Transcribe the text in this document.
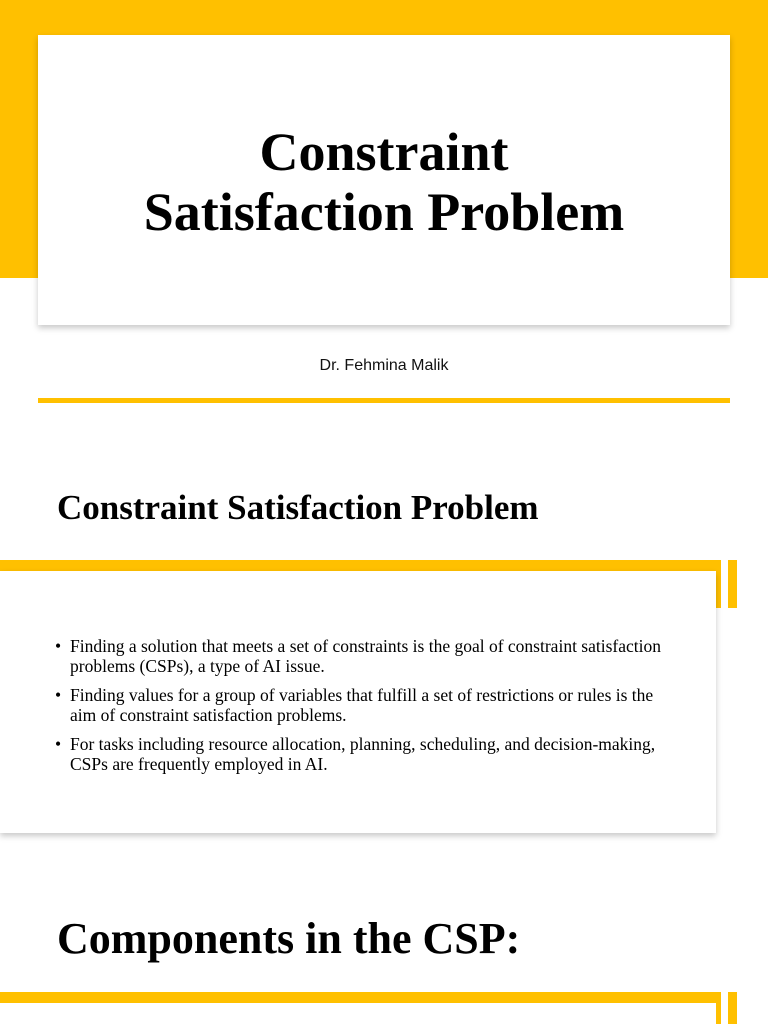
Constraint
Satisfaction Problem
Dr. Fehmina Malik
Constraint Satisfaction Problem
• Finding a solution that meets a set of constraints is the goal of constraint satisfaction problems (CSPs), a type of AI issue.
• Finding values for a group of variables that fulfill a set of restrictions or rules is the aim of constraint satisfaction problems.
• For tasks including resource allocation, planning, scheduling, and decision-making, CSPs are frequently employed in AI.
Components in the CSP:
